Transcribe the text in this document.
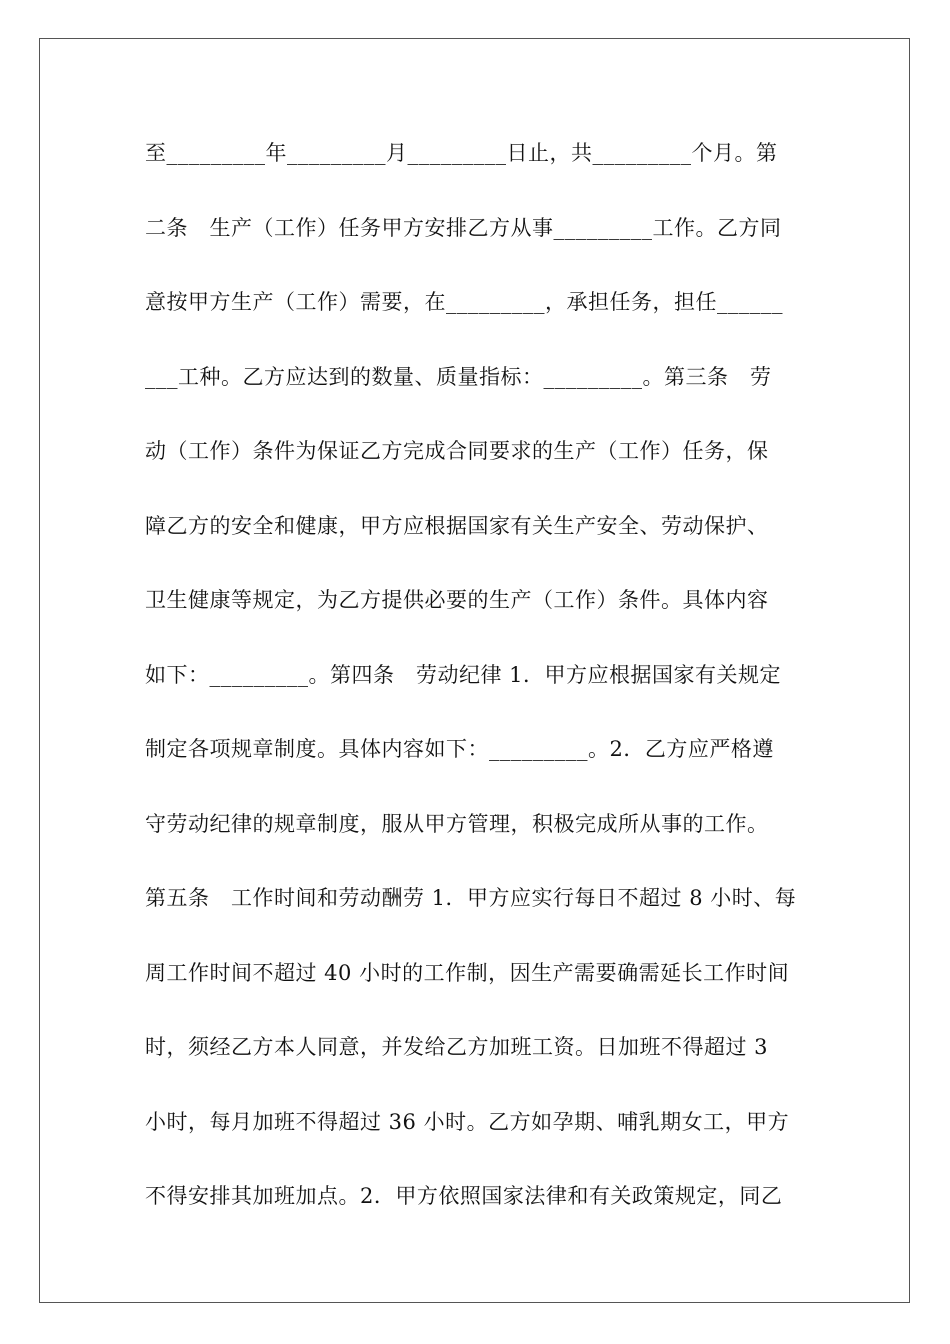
至_________年_________月_________日止，共_________个月。第
二条　生产（工作）任务甲方安排乙方从事_________工作。乙方同
意按甲方生产（工作）需要，在_________，承担任务，担任______
___工种。乙方应达到的数量、质量指标：_________。第三条　劳
动（工作）条件为保证乙方完成合同要求的生产（工作）任务，保
障乙方的安全和健康，甲方应根据国家有关生产安全、劳动保护、
卫生健康等规定，为乙方提供必要的生产（工作）条件。具体内容
如下：_________。第四条　劳动纪律 1．甲方应根据国家有关规定
制定各项规章制度。具体内容如下：_________。2．乙方应严格遵
守劳动纪律的规章制度，服从甲方管理，积极完成所从事的工作。
第五条　工作时间和劳动酬劳 1．甲方应实行每日不超过 8 小时、每
周工作时间不超过 40 小时的工作制，因生产需要确需延长工作时间
时，须经乙方本人同意，并发给乙方加班工资。日加班不得超过 3
小时，每月加班不得超过 36 小时。乙方如孕期、哺乳期女工，甲方
不得安排其加班加点。2．甲方依照国家法律和有关政策规定，同乙
